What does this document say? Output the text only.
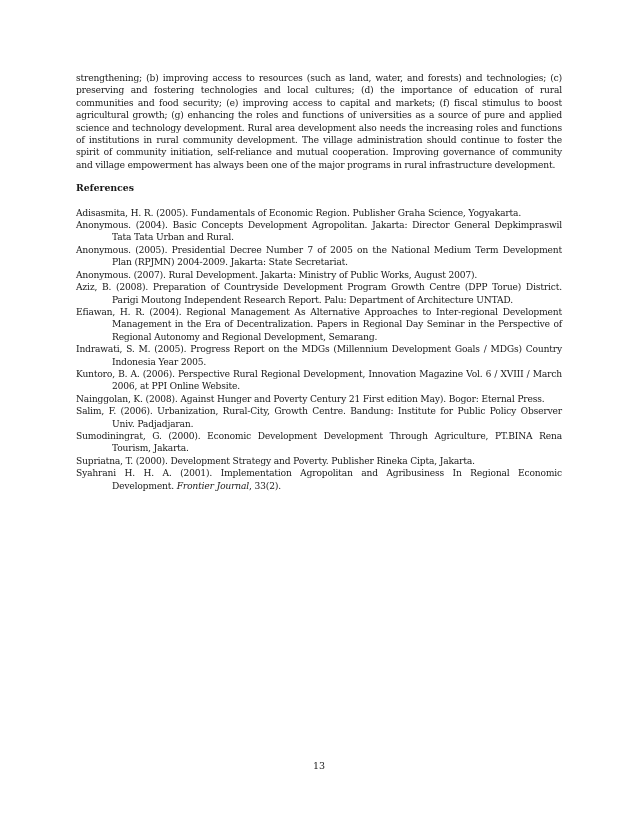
strengthening; (b) improving access to resources (such as land, water, and forests) and technologies; (c) preserving and fostering technologies and local cultures; (d) the importance of education of rural communities and food security; (e) improving access to capital and markets; (f) fiscal stimulus to boost agricultural growth; (g) enhancing the roles and functions of universities as a source of pure and applied science and technology development. Rural area development also needs the increasing roles and functions of institutions in rural community development. The village administration should continue to foster the spirit of community initiation, self-reliance and mutual cooperation. Improving governance of community and village empowerment has always been one of the major programs in rural infrastructure development.

References
Adisasmita, H. R. (2005). Fundamentals of Economic Region. Publisher Graha Science, Yogyakarta.
Anonymous. (2004). Basic Concepts Development Agropolitan. Jakarta: Director General Depkimpraswil Tata Tata Urban and Rural.
Anonymous. (2005). Presidential Decree Number 7 of 2005 on the National Medium Term Development Plan (RPJMN) 2004-2009. Jakarta: State Secretariat.
Anonymous. (2007). Rural Development. Jakarta: Ministry of Public Works, August 2007).
Aziz, B. (2008). Preparation of Countryside Development Program Growth Centre (DPP Torue) District. Parigi Moutong Independent Research Report. Palu: Department of Architecture UNTAD.
Efiawan, H. R. (2004). Regional Management As Alternative Approaches to Inter-regional Development Management in the Era of Decentralization. Papers in Regional Day Seminar in the Perspective of Regional Autonomy and Regional Development, Semarang.
Indrawati, S. M. (2005). Progress Report on the MDGs (Millennium Development Goals / MDGs) Country Indonesia Year 2005.
Kuntoro, B. A. (2006). Perspective Rural Regional Development, Innovation Magazine Vol. 6 / XVIII / March 2006, at PPI Online Website.
Nainggolan, K. (2008). Against Hunger and Poverty Century 21 First edition May). Bogor: Eternal Press.
Salim, F. (2006). Urbanization, Rural-City, Growth Centre. Bandung: Institute for Public Policy Observer Univ. Padjadjaran.
Sumodiningrat, G. (2000). Economic Development Development Through Agriculture, PT.BINA Rena Tourism, Jakarta.
Supriatna, T. (2000). Development Strategy and Poverty. Publisher Rineka Cipta, Jakarta.
Syahrani H. H. A. (2001). Implementation Agropolitan and Agribusiness In Regional Economic Development. Frontier Journal, 33(2).
13
